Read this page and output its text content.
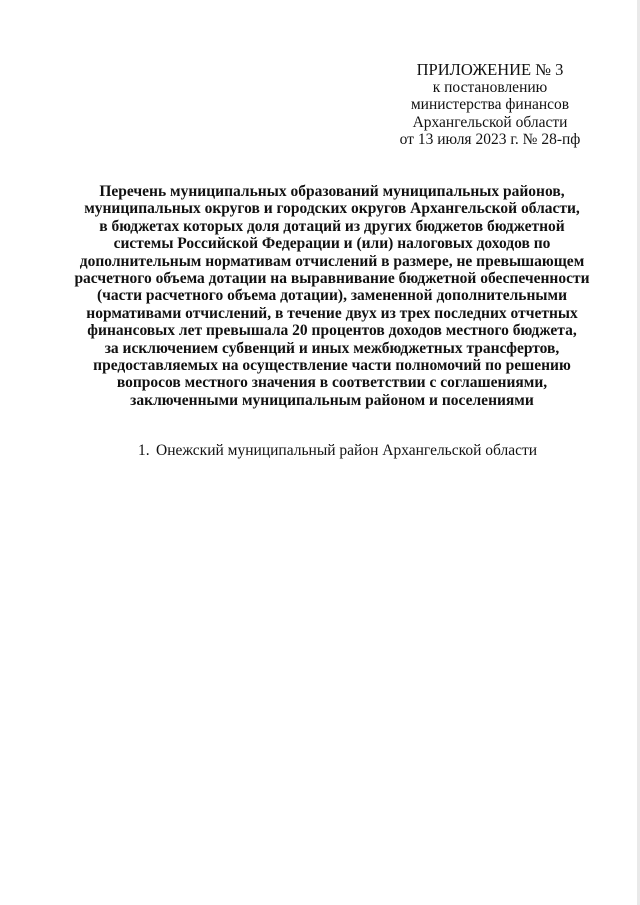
ПРИЛОЖЕНИЕ № 3
к постановлению
министерства финансов
Архангельской области
от 13 июля 2023 г. № 28-пф
Перечень муниципальных образований муниципальных районов,
муниципальных округов и городских округов Архангельской области,
в бюджетах которых доля дотаций из других бюджетов бюджетной
системы Российской Федерации и (или) налоговых доходов по
дополнительным нормативам отчислений в размере, не превышающем
расчетного объема дотации на выравнивание бюджетной обеспеченности
(части расчетного объема дотации), замененной дополнительными
нормативами отчислений, в течение двух из трех последних отчетных
финансовых лет превышала 20 процентов доходов местного бюджета,
за исключением субвенций и иных межбюджетных трансфертов,
предоставляемых на осуществление части полномочий по решению
вопросов местного значения в соответствии с соглашениями,
заключенными муниципальным районом и поселениями
1. Онежский муниципальный район Архангельской области
